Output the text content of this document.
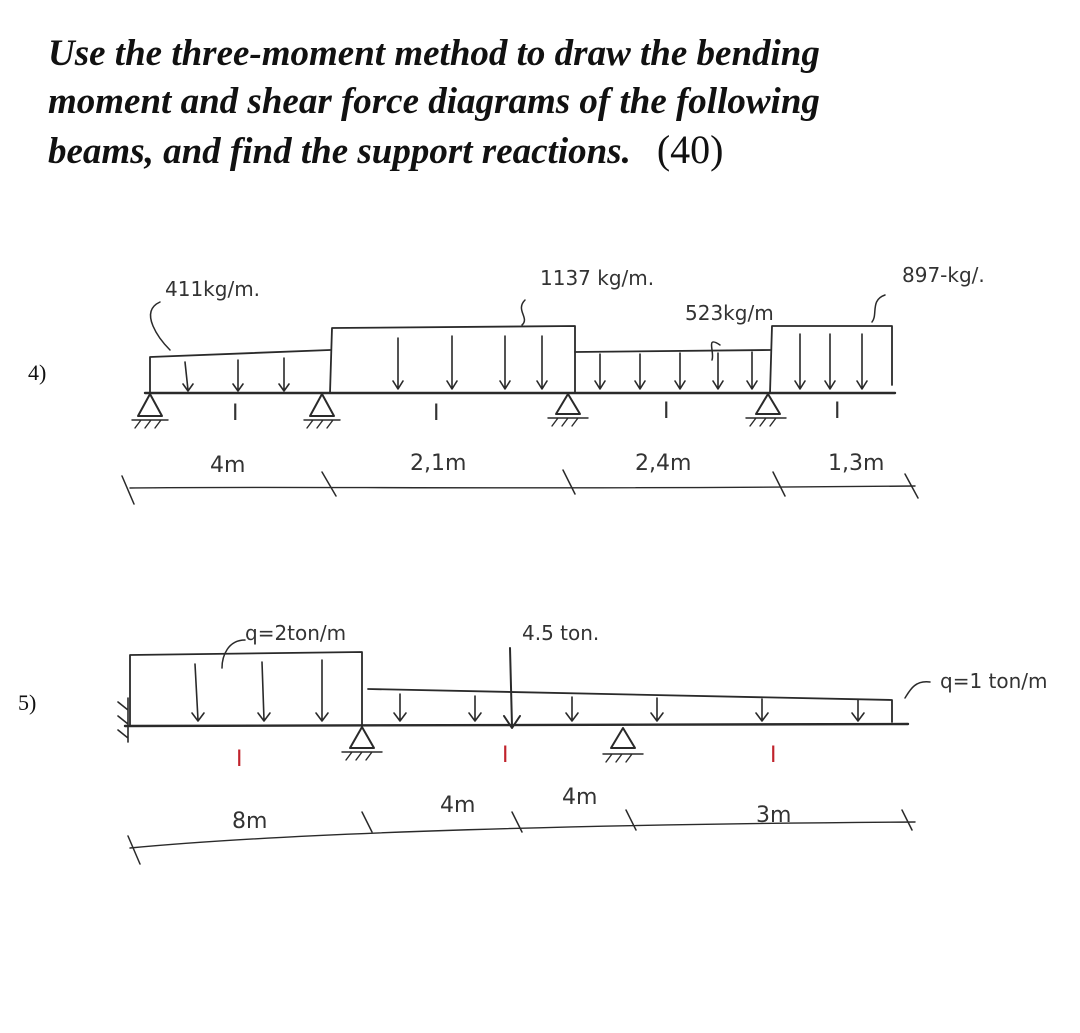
Use the three-moment method to draw the bending
moment and shear force diagrams of the following
beams, and find the support reactions. (40)
4)
5)
411kg/m.	1137 kg/m.
523kg/m
897-kg/.
I	I	I	I
4m	2,1m	2,4m	1,3m
q=2ton/m	4.5 ton.
q=1 ton/m
I	I	I
8m
4m	4m
3m
